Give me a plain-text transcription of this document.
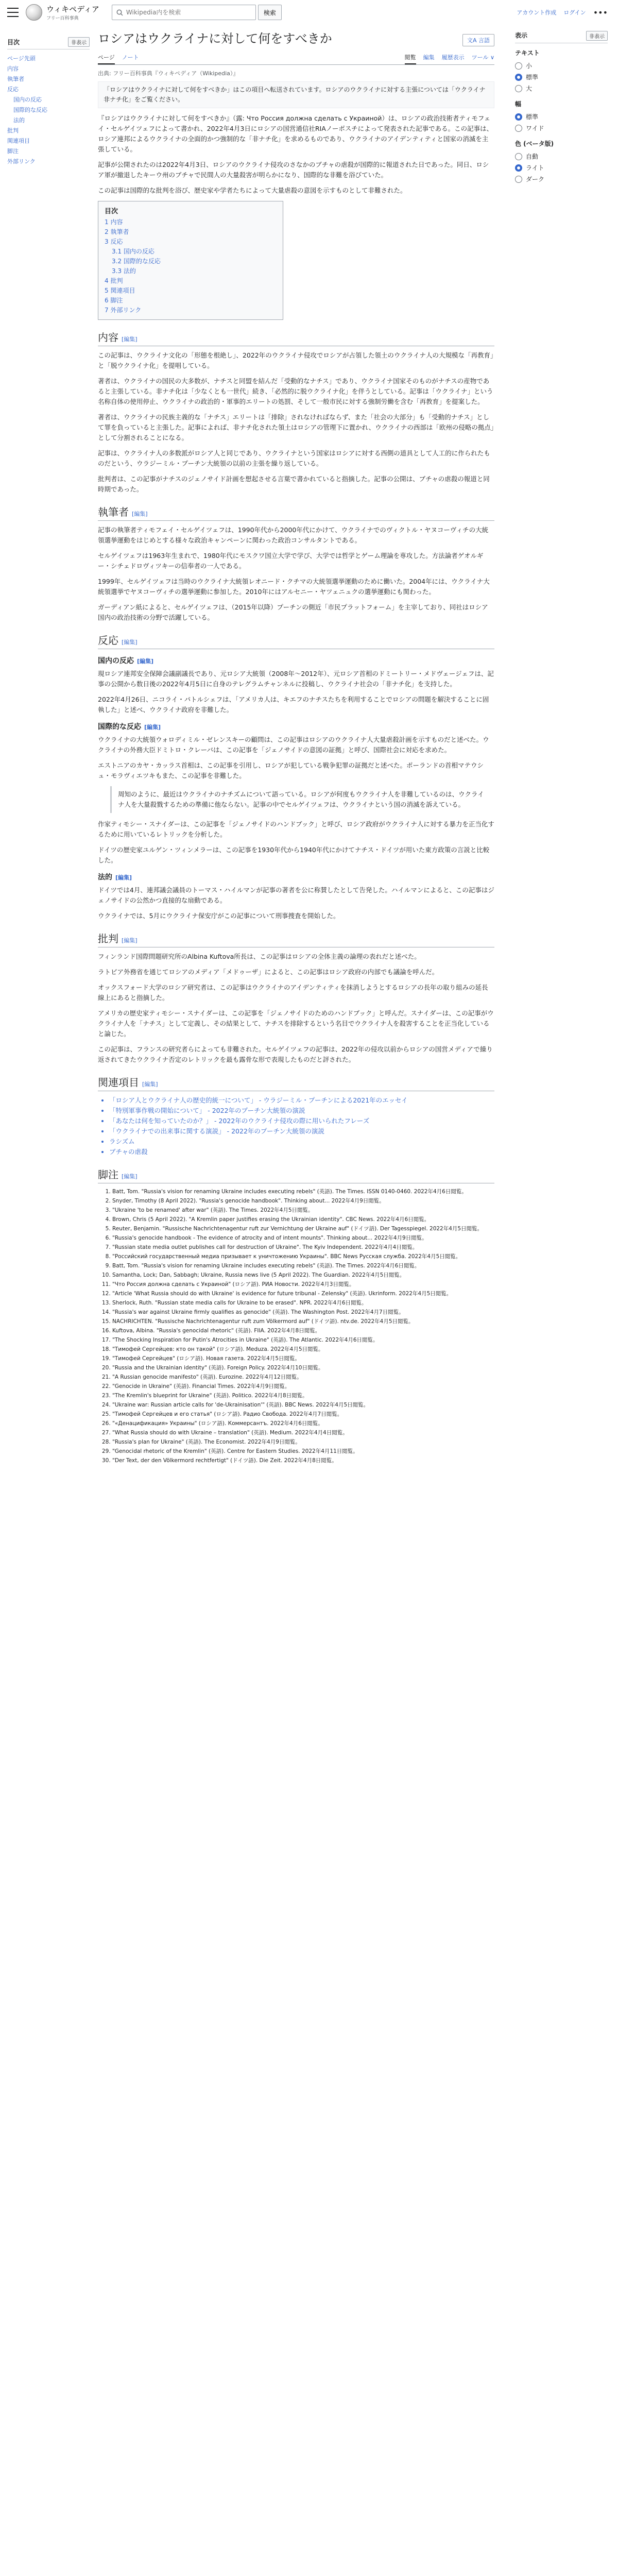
ウィキペディア
フリー百科事典
Wikipedia内を検索
検索	アカウント作成 ログイン •••
目次	非表示
ページ先頭
内容
執筆者
反応
国内の反応
国際的な反応
法的
批判
関連項目
脚注
外部リンク
ロシアはウクライナに対して何をすべきか	文A 言語
ページ ノート	閲覧 編集 履歴表示 ツール ∨
出典: フリー百科事典『ウィキペディア（Wikipedia）』
「ロシアはウクライナに対して何をすべきか」はこの項目へ転送されています。ロシアのウクライナに対する主張については「ウクライナ非ナチ化」をご覧ください。

『ロシアはウクライナに対して何をすべきか』（露: Что Россия должна сделать с Украиной）は、ロシアの政治技術者ティモフェイ・セルゲイツェフによって書かれ、2022年4月3日にロシアの国営通信社RIAノーボスチによって発表された記事である。この記事は、ロシア連邦によるウクライナの全面的かつ強制的な「非ナチ化」を求めるものであり、ウクライナのアイデンティティと国家の消滅を主張している。

記事が公開されたのは2022年4月3日、ロシアのウクライナ侵攻のさなかのブチャの虐殺が国際的に報道された日であった。同日、ロシア軍が撤退したキーウ州のブチャで民間人の大量殺害が明らかになり、国際的な非難を浴びていた。

この記事は国際的な批判を浴び、歴史家や学者たちによって大量虐殺の意図を示すものとして非難された。

目次
1 内容
2 執筆者
3 反応
3.1 国内の反応
3.2 国際的な反応
3.3 法的
4 批判
5 関連項目
6 脚注
7 外部リンク
内容 [編集]

この記事は、ウクライナ文化の「形態を根絶し」、2022年のウクライナ侵攻でロシアが占領した領土のウクライナ人の大規模な「再教育」と「脱ウクライナ化」を提唱している。

著者は、ウクライナの国民の大多数が、ナチスと同盟を結んだ「受動的なナチス」であり、ウクライナ国家そのものがナチスの産物であると主張している。非ナチ化は「少なくとも一世代」続き、「必然的に脱ウクライナ化」を伴うとしている。記事は「ウクライナ」という名称自体の使用停止、ウクライナの政治的・軍事的エリートの処罰、そして一般市民に対する強制労働を含む「再教育」を提案した。

著者は、ウクライナの民族主義的な「ナチス」エリートは「排除」されなければならず、また「社会の大部分」も「受動的ナチス」として罪を負っていると主張した。記事によれば、非ナチ化された領土はロシアの管理下に置かれ、ウクライナの西部は「欧州の侵略の拠点」として分割されることになる。

記事は、ウクライナ人の多数派がロシア人と同じであり、ウクライナという国家はロシアに対する西側の道具として人工的に作られたものだという、ウラジーミル・プーチン大統領の以前の主張を繰り返している。

批判者は、この記事がナチスのジェノサイド計画を想起させる言葉で書かれていると指摘した。記事の公開は、ブチャの虐殺の報道と同時期であった。

執筆者 [編集]

記事の執筆者ティモフェイ・セルゲイツェフは、1990年代から2000年代にかけて、ウクライナでのヴィクトル・ヤヌコーヴィチの大統領選挙運動をはじめとする様々な政治キャンペーンに関わった政治コンサルタントである。

セルゲイツェフは1963年生まれで、1980年代にモスクワ国立大学で学び、大学では哲学とゲーム理論を専攻した。方法論者ゲオルギー・シチェドロヴィツキーの信奉者の一人である。

1999年、セルゲイツェフは当時のウクライナ大統領レオニード・クチマの大統領選挙運動のために働いた。2004年には、ウクライナ大統領選挙でヤヌコーヴィチの選挙運動に参加した。2010年にはアルセニー・ヤツェニュクの選挙運動にも関わった。

ガーディアン紙によると、セルゲイツェフは、（2015年以降）プーチンの側近「市民プラットフォーム」を主宰しており、同社はロシア国内の政治技術の分野で活躍している。

反応 [編集]
国内の反応 [編集]

現ロシア連邦安全保障会議副議長であり、元ロシア大統領（2008年〜2012年）、元ロシア首相のドミートリー・メドヴェージェフは、記事の公開から数日後の2022年4月5日に自身のテレグラムチャンネルに投稿し、ウクライナ社会の「非ナチ化」を支持した。

2022年4月26日、ニコライ・パトルシェフは、「アメリカ人は、キエフのナチスたちを利用することでロシアの問題を解決することに固執した」と述べ、ウクライナ政府を非難した。

国際的な反応 [編集]

ウクライナの大統領ウォロディミル・ゼレンスキーの顧問は、この記事はロシアのウクライナ人大量虐殺計画を示すものだと述べた。ウクライナの外務大臣ドミトロ・クレーバは、この記事を「ジェノサイドの意図の証拠」と呼び、国際社会に対応を求めた。

エストニアのカヤ・カッラス首相は、この記事を引用し、ロシアが犯している戦争犯罪の証拠だと述べた。ポーランドの首相マテウシュ・モラヴィエツキもまた、この記事を非難した。

周知のように、最近はウクライナのナチズムについて語っている。ロシアが何度もウクライナ人を非難しているのは、ウクライナ人を大量殺戮するための準備に他ならない。記事の中でセルゲイツェフは、ウクライナという国の消滅を訴えている。

作家ティモシー・スナイダーは、この記事を「ジェノサイドのハンドブック」と呼び、ロシア政府がウクライナ人に対する暴力を正当化するために用いているレトリックを分析した。

ドイツの歴史家ユルゲン・ツィンメラーは、この記事を1930年代から1940年代にかけてナチス・ドイツが用いた東方政策の言説と比較した。

法的 [編集]

ドイツでは4月、連邦議会議員のトーマス・ハイルマンが記事の著者を公に称賛したとして告発した。ハイルマンによると、この記事はジェノサイドの公然かつ直接的な扇動である。

ウクライナでは、5月にウクライナ保安庁がこの記事について刑事捜査を開始した。

批判 [編集]

フィンランド国際問題研究所のAlbina Kuftova所長は、この記事はロシアの全体主義の論理の表れだと述べた。

ラトビア外務省を通じてロシアのメディア「メドゥーザ」によると、この記事はロシア政府の内部でも議論を呼んだ。

オックスフォード大学のロシア研究者は、この記事はウクライナのアイデンティティを抹消しようとするロシアの長年の取り組みの延長線上にあると指摘した。

アメリカの歴史家ティモシー・スナイダーは、この記事を「ジェノサイドのためのハンドブック」と呼んだ。スナイダーは、この記事がウクライナ人を「ナチス」として定義し、その結果として、ナチスを排除するという名目でウクライナ人を殺害することを正当化していると論じた。

この記事は、フランスの研究者らによっても非難された。セルゲイツェフの記事は、2022年の侵攻以前からロシアの国営メディアで繰り返されてきたウクライナ否定のレトリックを最も露骨な形で表現したものだと評された。

関連項目 [編集]
• 「ロシア人とウクライナ人の歴史的統一について」 - ウラジーミル・プーチンによる2021年のエッセイ
• 「特別軍事作戦の開始について」 - 2022年のプーチン大統領の演説
• 「あなたは何を知っていたのか？」 - 2022年のウクライナ侵攻の際に用いられたフレーズ
• 「ウクライナでの出来事に関する演説」 - 2022年のプーチン大統領の演説
• ラシズム
• ブチャの虐殺
脚注 [編集]
1. Batt, Tom. "Russia's vision for renaming Ukraine includes executing rebels" (英語). The Times. ISSN 0140-0460. 2022年4月6日閲覧。
2. Snyder, Timothy (8 April 2022). "Russia's genocide handbook". Thinking about... 2022年4月9日閲覧。
3. "Ukraine 'to be renamed' after war" (英語). The Times. 2022年4月5日閲覧。
4. Brown, Chris (5 April 2022). "A Kremlin paper justifies erasing the Ukrainian identity". CBC News. 2022年4月6日閲覧。
5. Reuter, Benjamin. "Russische Nachrichtenagentur ruft zur Vernichtung der Ukraine auf" (ドイツ語). Der Tagesspiegel. 2022年4月5日閲覧。
6. "Russia's genocide handbook - The evidence of atrocity and of intent mounts". Thinking about... 2022年4月9日閲覧。
7. "Russian state media outlet publishes call for destruction of Ukraine". The Kyiv Independent. 2022年4月4日閲覧。
8. "Российский государственный медиа призывает к уничтожению Украины". BBC News Русская служба. 2022年4月5日閲覧。
9. Batt, Tom. "Russia's vision for renaming Ukraine includes executing rebels" (英語). The Times. 2022年4月6日閲覧。
10. Samantha, Lock; Dan, Sabbagh; Ukraine, Russia news live (5 April 2022). The Guardian. 2022年4月5日閲覧。
11. "Что Россия должна сделать с Украиной" (ロシア語). РИА Новости. 2022年4月3日閲覧。
12. "Article 'What Russia should do with Ukraine' is evidence for future tribunal - Zelensky" (英語). Ukrinform. 2022年4月5日閲覧。
13. Sherlock, Ruth. "Russian state media calls for Ukraine to be erased". NPR. 2022年4月6日閲覧。
14. "Russia's war against Ukraine firmly qualifies as genocide" (英語). The Washington Post. 2022年4月7日閲覧。
15. NACHRICHTEN. "Russische Nachrichtenagentur ruft zum Völkermord auf" (ドイツ語). ntv.de. 2022年4月5日閲覧。
16. Kuftova, Albina. "Russia's genocidal rhetoric" (英語). FIIA. 2022年4月8日閲覧。
17. "The Shocking Inspiration for Putin's Atrocities in Ukraine" (英語). The Atlantic. 2022年4月6日閲覧。
18. "Тимофей Сергейцев: кто он такой" (ロシア語). Meduza. 2022年4月5日閲覧。
19. "Тимофей Сергейцев" (ロシア語). Новая газета. 2022年4月5日閲覧。
20. "Russia and the Ukrainian identity" (英語). Foreign Policy. 2022年4月10日閲覧。
21. "A Russian genocide manifesto" (英語). Eurozine. 2022年4月12日閲覧。
22. "Genocide in Ukraine" (英語). Financial Times. 2022年4月9日閲覧。
23. "The Kremlin's blueprint for Ukraine" (英語). Politico. 2022年4月8日閲覧。
24. "Ukraine war: Russian article calls for 'de-Ukrainisation'" (英語). BBC News. 2022年4月5日閲覧。
25. "Тимофей Сергейцев и его статья" (ロシア語). Радио Свобода. 2022年4月7日閲覧。
26. "«Денацификация» Украины" (ロシア語). Коммерсантъ. 2022年4月6日閲覧。
27. "What Russia should do with Ukraine – translation" (英語). Medium. 2022年4月4日閲覧。
28. "Russia's plan for Ukraine" (英語). The Economist. 2022年4月9日閲覧。
29. "Genocidal rhetoric of the Kremlin" (英語). Centre for Eastern Studies. 2022年4月11日閲覧。
30. "Der Text, der den Völkermord rechtfertigt" (ドイツ語). Die Zeit. 2022年4月8日閲覧。
表示	非表示
テキスト
小
標準
大
幅
標準
ワイド
色 (ベータ版)
自動
ライト
ダーク
